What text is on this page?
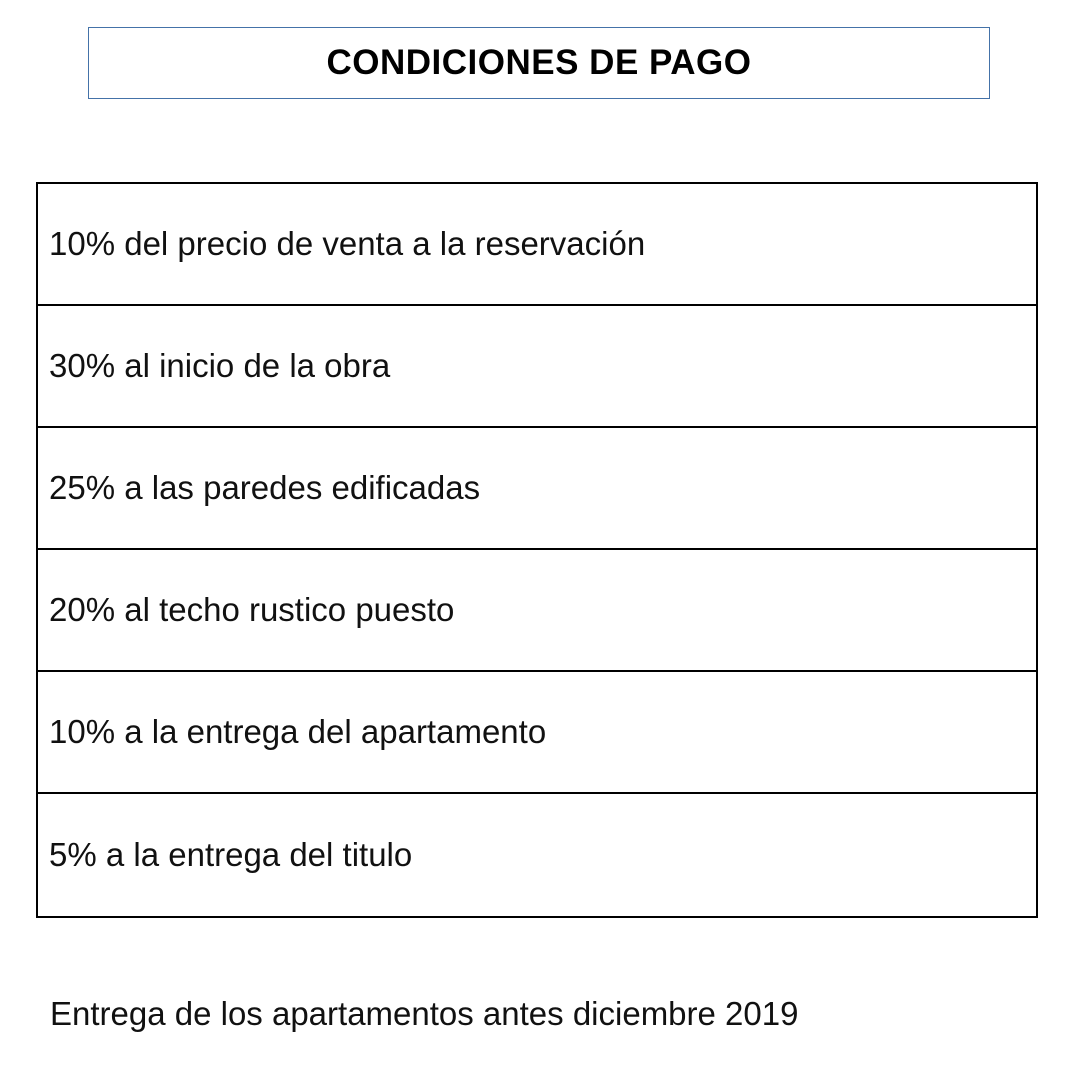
CONDICIONES DE PAGO
10% del precio de venta a la reservación
30% al inicio de la obra
25% a las paredes edificadas
20% al techo rustico puesto
10% a la entrega del apartamento
5% a la entrega del titulo
Entrega de los apartamentos antes diciembre 2019
